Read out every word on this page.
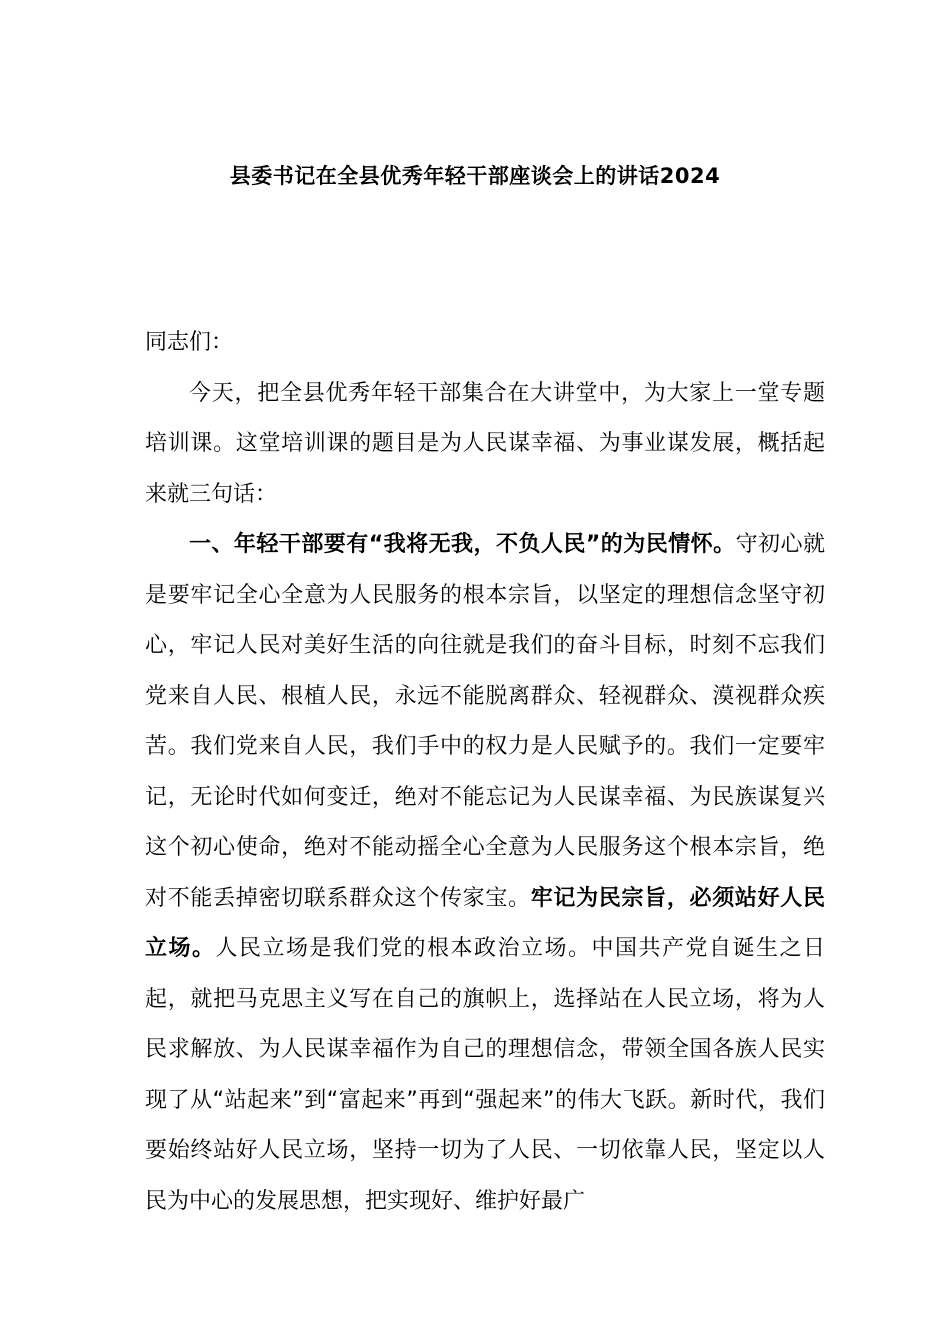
县委书记在全县优秀年轻干部座谈会上的讲话2024

同志们：

今天，把全县优秀年轻干部集合在大讲堂中，为大家上一堂专题培训课。这堂培训课的题目是为人民谋幸福、为事业谋发展，概括起来就三句话：

一、年轻干部要有“我将无我，不负人民”的为民情怀。守初心就是要牢记全心全意为人民服务的根本宗旨，以坚定的理想信念坚守初心，牢记人民对美好生活的向往就是我们的奋斗目标，时刻不忘我们党来自人民、根植人民，永远不能脱离群众、轻视群众、漠视群众疾苦。我们党来自人民，我们手中的权力是人民赋予的。我们一定要牢记，无论时代如何变迁，绝对不能忘记为人民谋幸福、为民族谋复兴这个初心使命，绝对不能动摇全心全意为人民服务这个根本宗旨，绝对不能丢掉密切联系群众这个传家宝。牢记为民宗旨，必须站好人民立场。人民立场是我们党的根本政治立场。中国共产党自诞生之日起，就把马克思主义写在自己的旗帜上，选择站在人民立场，将为人民求解放、为人民谋幸福作为自己的理想信念，带领全国各族人民实现了从“站起来”到“富起来”再到“强起来”的伟大飞跃。新时代，我们要始终站好人民立场，坚持一切为了人民、一切依靠人民，坚定以人民为中心的发展思想，把实现好、维护好最广
